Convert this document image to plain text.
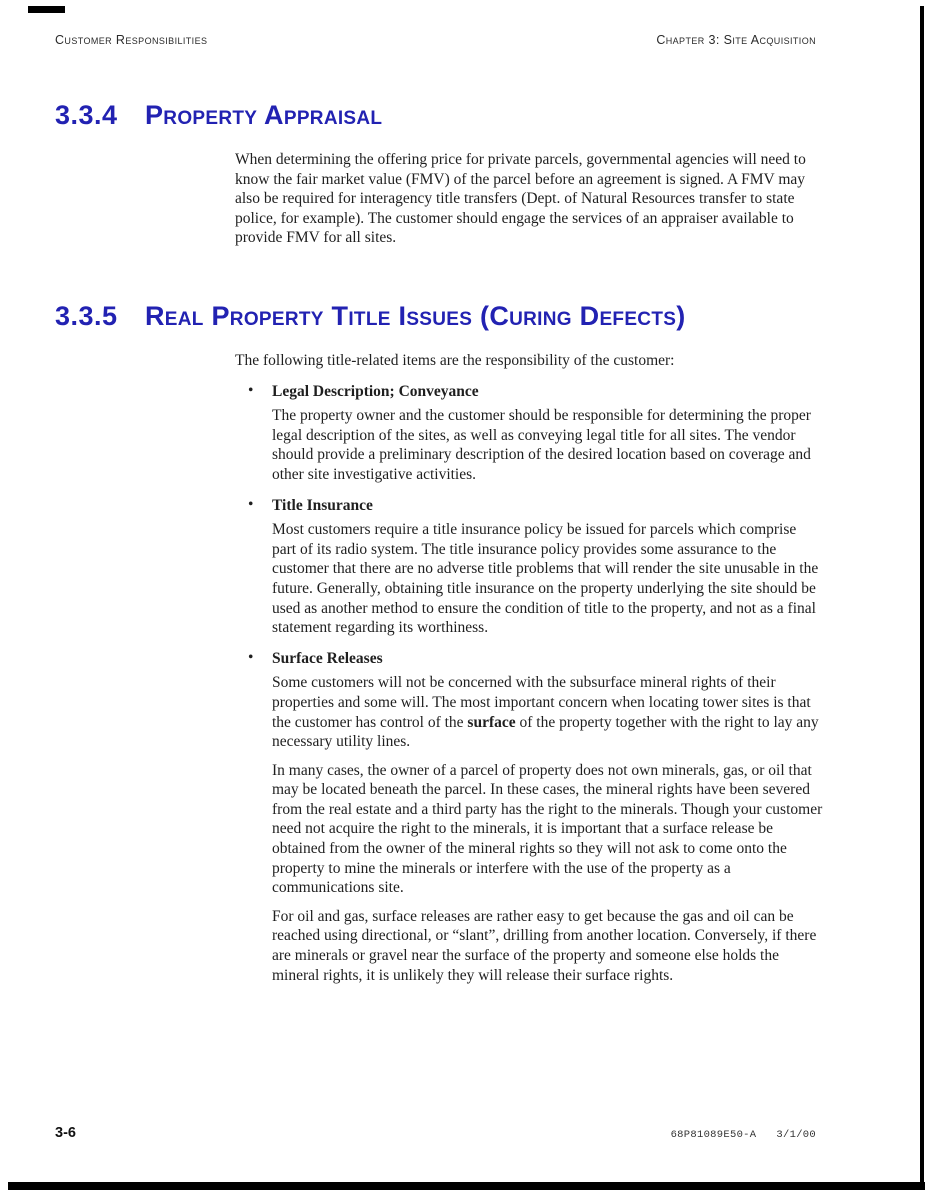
Customer Responsibilities	Chapter 3: Site Acquisition
3.3.4	Property Appraisal

When determining the offering price for private parcels, governmental agencies will need to know the fair market value (FMV) of the parcel before an agreement is signed. A FMV may also be required for interagency title transfers (Dept. of Natural Resources transfer to state police, for example). The customer should engage the services of an appraiser available to provide FMV for all sites.

3.3.5	Real Property Title Issues (Curing Defects)

The following title-related items are the responsibility of the customer:

• Legal Description; Conveyance

The property owner and the customer should be responsible for determining the proper legal description of the sites, as well as conveying legal title for all sites. The vendor should provide a preliminary description of the desired location based on coverage and other site investigative activities.

• Title Insurance

Most customers require a title insurance policy be issued for parcels which comprise part of its radio system. The title insurance policy provides some assurance to the customer that there are no adverse title problems that will render the site unusable in the future. Generally, obtaining title insurance on the property underlying the site should be used as another method to ensure the condition of title to the property, and not as a final statement regarding its worthiness.

• Surface Releases

Some customers will not be concerned with the subsurface mineral rights of their properties and some will. The most important concern when locating tower sites is that the customer has control of the surface of the property together with the right to lay any necessary utility lines.

In many cases, the owner of a parcel of property does not own minerals, gas, or oil that may be located beneath the parcel. In these cases, the mineral rights have been severed from the real estate and a third party has the right to the minerals. Though your customer need not acquire the right to the minerals, it is important that a surface release be obtained from the owner of the mineral rights so they will not ask to come onto the property to mine the minerals or interfere with the use of the property as a communications site.

For oil and gas, surface releases are rather easy to get because the gas and oil can be reached using directional, or “slant”, drilling from another location. Conversely, if there are minerals or gravel near the surface of the property and someone else holds the mineral rights, it is unlikely they will release their surface rights.

3-6	68P81089E50-A 3/1/00
